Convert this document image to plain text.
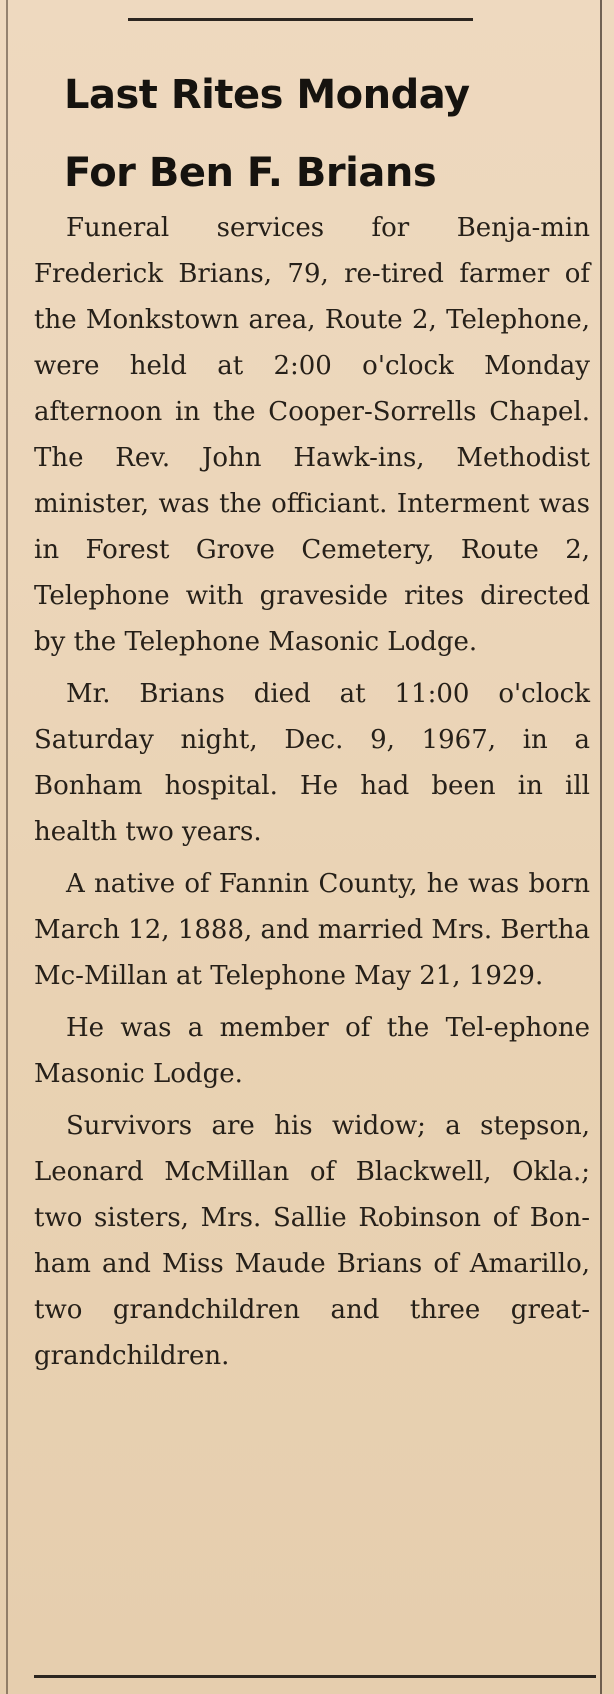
Last Rites Monday
For Ben F. Brians

Funeral services for Benja-min Frederick Brians, 79, re-tired farmer of the Monkstown area, Route 2, Telephone, were held at 2:00 o'clock Monday afternoon in the Cooper-Sorrells Chapel. The Rev. John Hawk-ins, Methodist minister, was the officiant. Interment was in Forest Grove Cemetery, Route 2, Telephone with graveside rites directed by the Telephone Masonic Lodge.

Mr. Brians died at 11:00 o'clock Saturday night, Dec. 9, 1967, in a Bonham hospital. He had been in ill health two years.

A native of Fannin County, he was born March 12, 1888, and married Mrs. Bertha Mc-Millan at Telephone May 21, 1929.

He was a member of the Tel-ephone Masonic Lodge.

Survivors are his widow; a stepson, Leonard McMillan of Blackwell, Okla.; two sisters, Mrs. Sallie Robinson of Bon-ham and Miss Maude Brians of Amarillo, two grandchildren and three great-grandchildren.
